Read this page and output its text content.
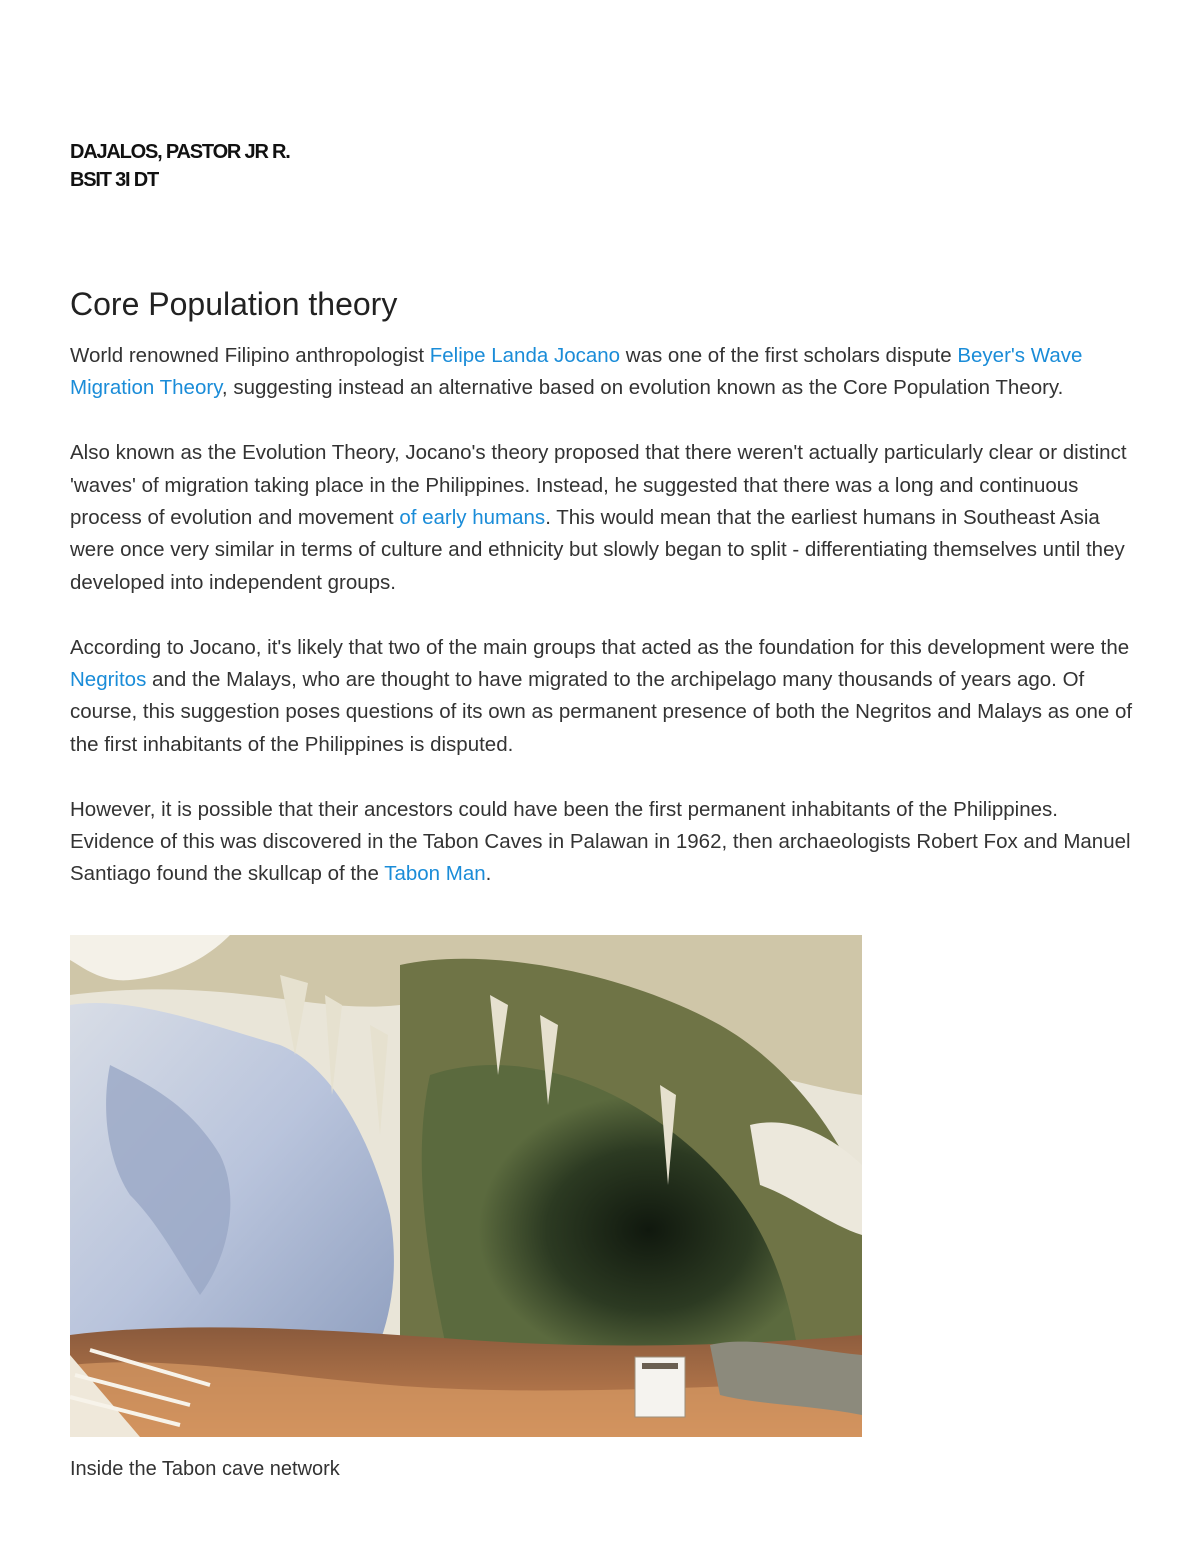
DAJALOS, PASTOR JR R.
BSIT 3I DT
Core Population theory

World renowned Filipino anthropologist Felipe Landa Jocano was one of the first scholars dispute Beyer's Wave Migration Theory, suggesting instead an alternative based on evolution known as the Core Population Theory.

Also known as the Evolution Theory, Jocano's theory proposed that there weren't actually particularly clear or distinct 'waves' of migration taking place in the Philippines. Instead, he suggested that there was a long and continuous process of evolution and movement of early humans. This would mean that the earliest humans in Southeast Asia were once very similar in terms of culture and ethnicity but slowly began to split - differentiating themselves until they developed into independent groups.

According to Jocano, it's likely that two of the main groups that acted as the foundation for this development were the Negritos and the Malays, who are thought to have migrated to the archipelago many thousands of years ago. Of course, this suggestion poses questions of its own as permanent presence of both the Negritos and Malays as one of the first inhabitants of the Philippines is disputed.

However, it is possible that their ancestors could have been the first permanent inhabitants of the Philippines. Evidence of this was discovered in the Tabon Caves in Palawan in 1962, then archaeologists Robert Fox and Manuel Santiago found the skullcap of the Tabon Man.

Inside the Tabon cave network
